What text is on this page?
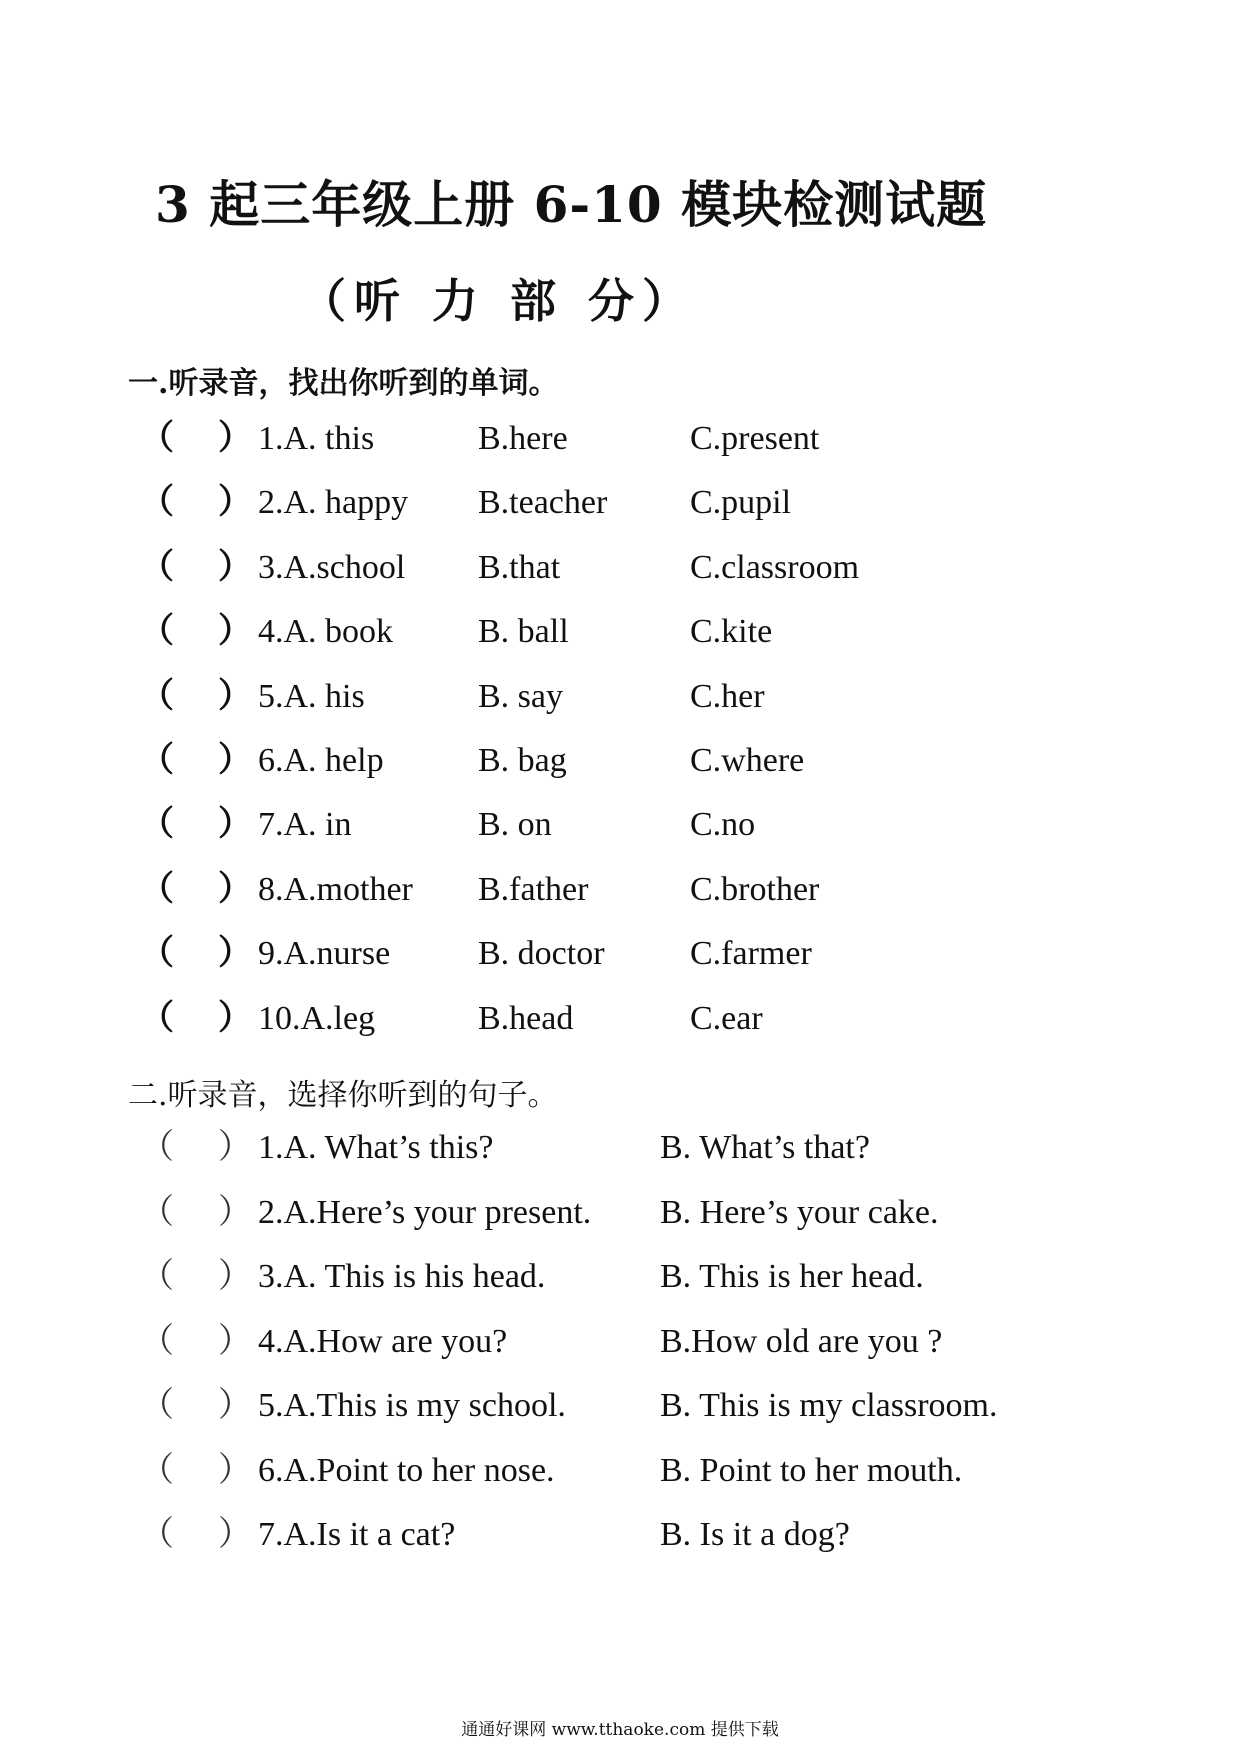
3 起三年级上册 6-10 模块检测试题
（听 力 部 分）
一.听录音，找出你听到的单词。
（ ） 1.A. this	B.here	C.present
（ ） 2.A. happy B.teacher C.pupil
（ ） 3.A.school B.that	C.classroom
（ ） 4.A. book B. ball	C.kite
（ ） 5.A. his	B. say	C.her
（ ） 6.A. help	B. bag	C.where
（ ） 7.A. in	B. on	C.no
（ ） 8.A.mother B.father	C.brother
（ ） 9.A.nurse	B. doctor	C.farmer
（ ） 10.A.leg	B.head	C.ear
二.听录音，选择你听到的句子。
（ ） 1.A. What’s this?	B. What’s that?
（ ） 2.A.Here’s your present. B. Here’s your cake.
（ ） 3.A. This is his head.	B. This is her head.
（ ） 4.A.How are you?	B.How old are you ?
（ ） 5.A.This is my school.	B. This is my classroom.
（ ） 6.A.Point to her nose.	B. Point to her mouth.
（ ） 7.A.Is it a cat?	B. Is it a dog?
通通好课网 www.tthaoke.com 提供下载
